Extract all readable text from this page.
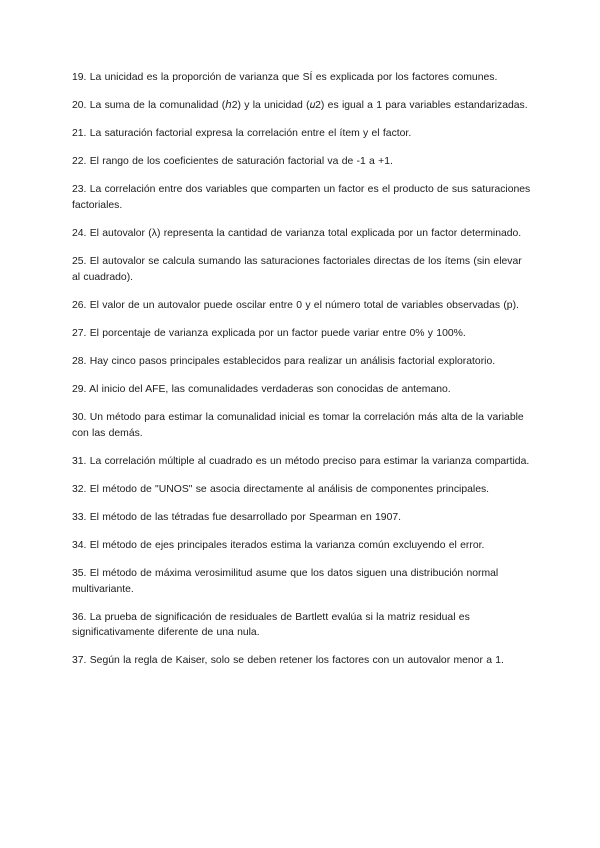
19. La unicidad es la proporción de varianza que SÍ es explicada por los factores comunes.

20. La suma de la comunalidad (ℎ2) y la unicidad (𝑢2) es igual a 1 para variables estandarizadas.

21. La saturación factorial expresa la correlación entre el ítem y el factor.

22. El rango de los coeficientes de saturación factorial va de -1 a +1.

23. La correlación entre dos variables que comparten un factor es el producto de sus saturaciones factoriales.

24. El autovalor (λ) representa la cantidad de varianza total explicada por un factor determinado.

25. El autovalor se calcula sumando las saturaciones factoriales directas de los ítems (sin elevar al cuadrado).

26. El valor de un autovalor puede oscilar entre 0 y el número total de variables observadas (p).

27. El porcentaje de varianza explicada por un factor puede variar entre 0% y 100%.

28. Hay cinco pasos principales establecidos para realizar un análisis factorial exploratorio.

29. Al inicio del AFE, las comunalidades verdaderas son conocidas de antemano.

30. Un método para estimar la comunalidad inicial es tomar la correlación más alta de la variable con las demás.

31. La correlación múltiple al cuadrado es un método preciso para estimar la varianza compartida.

32. El método de "UNOS" se asocia directamente al análisis de componentes principales.

33. El método de las tétradas fue desarrollado por Spearman en 1907.

34. El método de ejes principales iterados estima la varianza común excluyendo el error.

35. El método de máxima verosimilitud asume que los datos siguen una distribución normal multivariante.

36. La prueba de significación de residuales de Bartlett evalúa si la matriz residual es significativamente diferente de una nula.

37. Según la regla de Kaiser, solo se deben retener los factores con un autovalor menor a 1.
